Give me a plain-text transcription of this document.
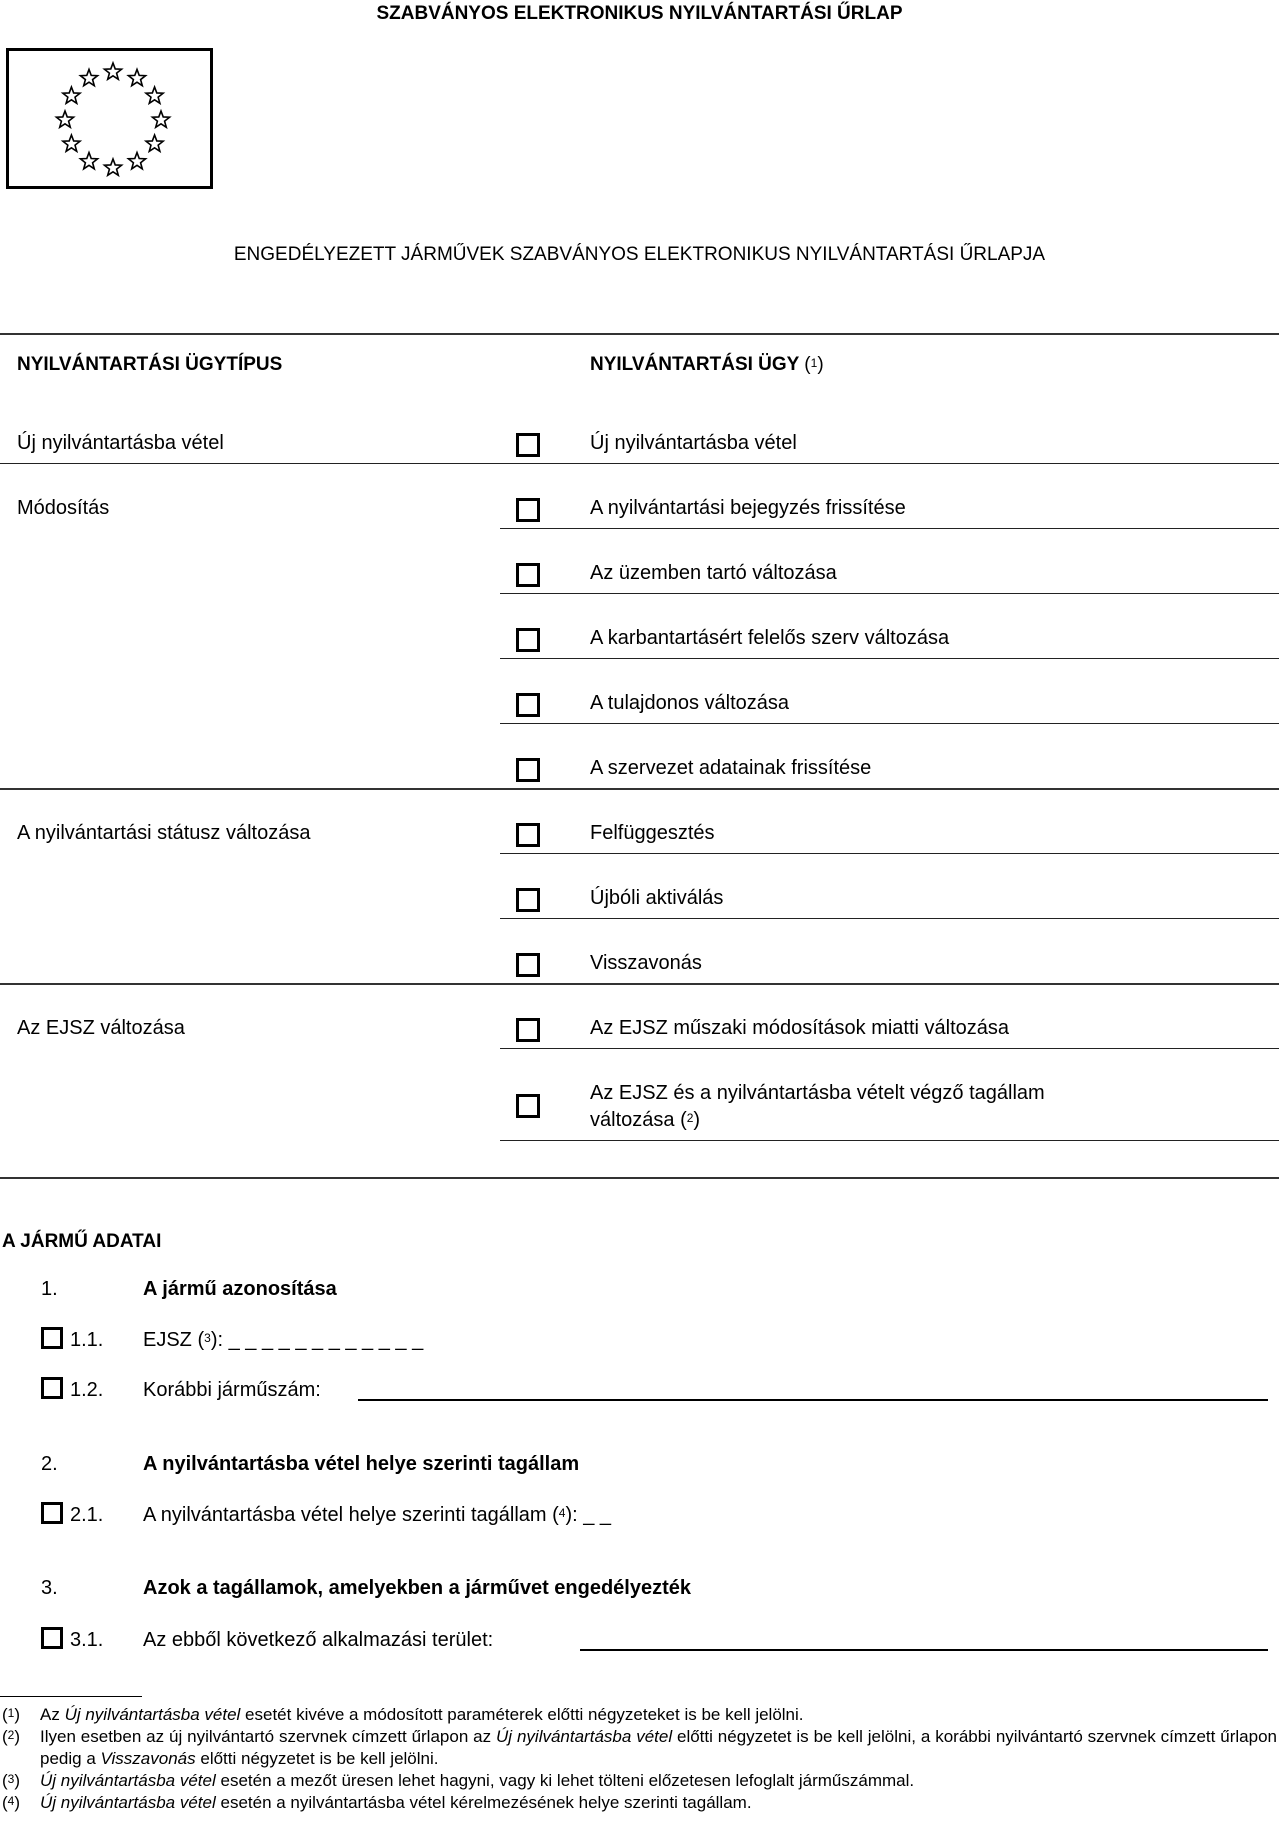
SZABVÁNYOS ELEKTRONIKUS NYILVÁNTARTÁSI ŰRLAP
ENGEDÉLYEZETT JÁRMŰVEK SZABVÁNYOS ELEKTRONIKUS NYILVÁNTARTÁSI ŰRLAPJA
NYILVÁNTARTÁSI ÜGYTÍPUS	NYILVÁNTARTÁSI ÜGY ($^1$)
Új nyilvántartásba vétel	Új nyilvántartásba vétel
Módosítás	A nyilvántartási bejegyzés frissítése
Az üzemben tartó változása
A karbantartásért felelős szerv változása
A tulajdonos változása
A szervezet adatainak frissítése
A nyilvántartási státusz változása	Felfüggesztés
Újbóli aktiválás
Visszavonás
Az EJSZ változása	Az EJSZ műszaki módosítások miatti változása
Az EJSZ és a nyilvántartásba vételt végző tagállam
változása ($^2$)
A JÁRMŰ ADATAI
1.	A jármű azonosítása
1.1. EJSZ ($^3$): _ _ _ _ _ _ _ _ _ _ _ _
1.2. Korábbi járműszám:
2.	A nyilvántartásba vétel helye szerinti tagállam
2.1. A nyilvántartásba vétel helye szerinti tagállam ($^4$): _ _
3.	Azok a tagállamok, amelyekben a járművet engedélyezték
3.1. Az ebből következő alkalmazási terület:
($^1$) Az Új nyilvántartásba vétel esetét kivéve a módosított paraméterek előtti négyzeteket is be kell jelölni.
($^2$) Ilyen esetben az új nyilvántartó szervnek címzett űrlapon az Új nyilvántartásba vétel előtti négyzetet is be kell jelölni, a korábbi nyilvántartó szervnek címzett űrlapon pedig a Visszavonás előtti négyzetet is be kell jelölni.
($^3$) Új nyilvántartásba vétel esetén a mezőt üresen lehet hagyni, vagy ki lehet tölteni előzetesen lefoglalt járműszámmal.
($^4$) Új nyilvántartásba vétel esetén a nyilvántartásba vétel kérelmezésének helye szerinti tagállam.
